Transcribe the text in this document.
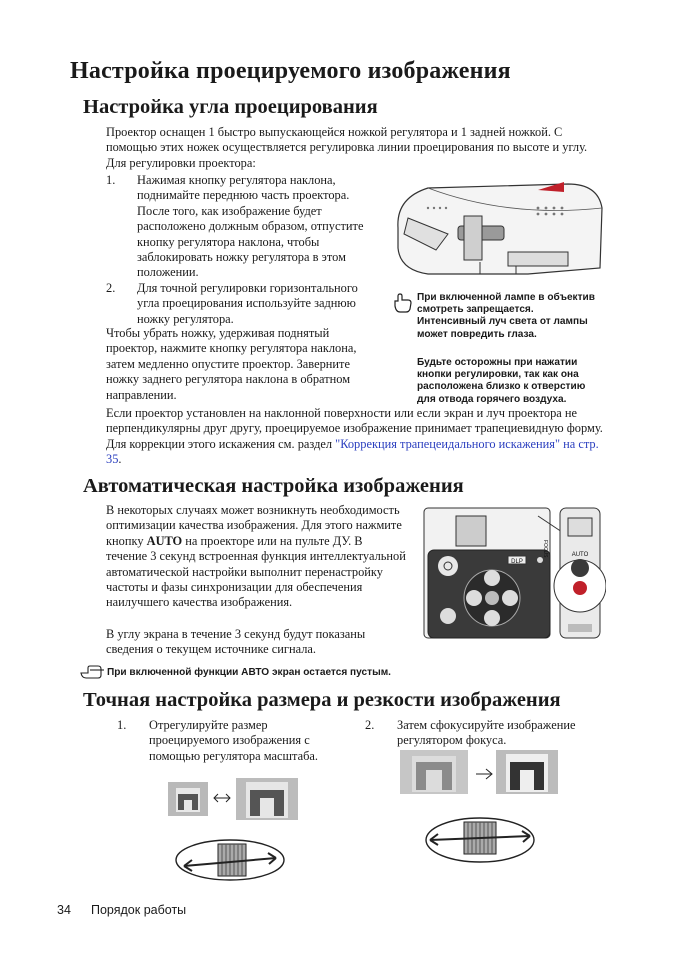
Настройка проецируемого изображения
Настройка угла проецирования
Проектор оснащен 1 быстро выпускающейся ножкой регулятора и 1 задней ножкой. С помощью этих ножек осуществляется регулировка линии проецирования по высоте и углу. Для регулировки проектора:
1. Нажимая кнопку регулятора наклона, поднимайте переднюю часть проектора. После того, как изображение будет расположено должным образом, отпустите кнопку регулятора наклона, чтобы заблокировать ножку регулятора в этом положении.
2. Для точной регулировки горизонтального угла проецирования используйте заднюю ножку регулятора.
Чтобы убрать ножку, удерживая поднятый проектор, нажмите кнопку регулятора наклона, затем медленно опустите проектор. Заверните ножку заднего регулятора наклона в обратном направлении.
При включенной лампе в объектив смотреть запрещается. Интенсивный луч света от лампы может повредить глаза.
Будьте осторожны при нажатии кнопки регулировки, так как она расположена близко к отверстию для отвода горячего воздуха.
Если проектор установлен на наклонной поверхности или если экран и луч проектора не перпендикулярны друг другу, проецируемое изображение принимает трапециевидную форму. Для коррекции этого искажения см. раздел "Коррекция трапецеидального искажения" на стр. 35.
Автоматическая настройка изображения
В некоторых случаях может возникнуть необходимость оптимизации качества изображения. Для этого нажмите кнопку AUTO на проекторе или на пульте ДУ. В течение 3 секунд встроенная функция интеллектуальной автоматической настройки выполнит перенастройку частоты и фазы синхронизации для обеспечения наилучшего качества изображения.
В углу экрана в течение 3 секунд будут показаны сведения о текущем источнике сигнала.
DLP
AUTO
FOCUS
При включенной функции АВТО экран остается пустым.
Точная настройка размера и резкости изображения
1.	Отрегулируйте размер проецируемого изображения с помощью регулятора масштаба.
2.	Затем сфокусируйте изображение регулятором фокуса.
34 Порядок работы
